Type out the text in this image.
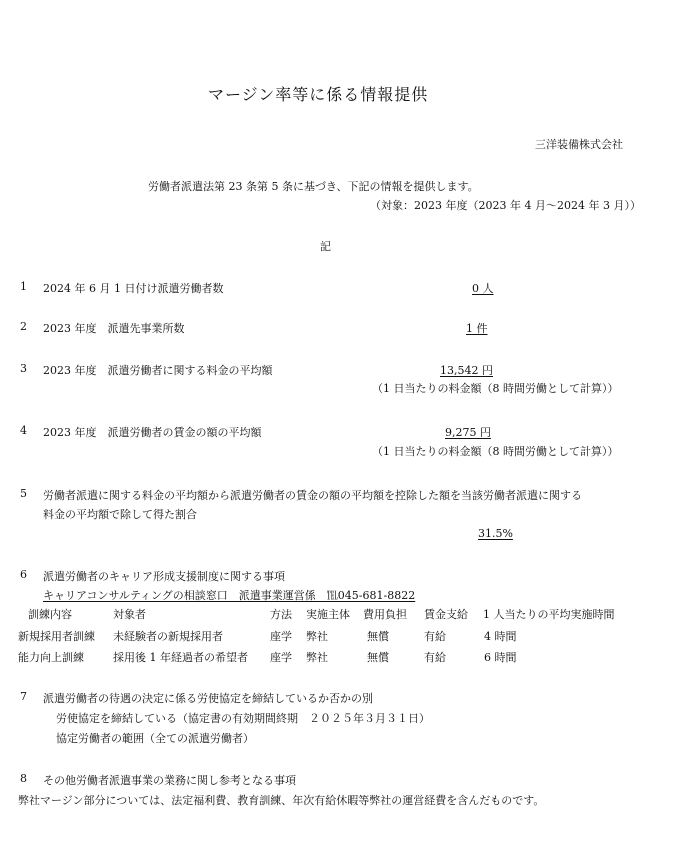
マージン率等に係る情報提供
三洋装備株式会社
労働者派遣法第 23 条第 5 条に基づき、下記の情報を提供します。
（対象：2023 年度（2023 年 4 月～2024 年 3 月））
記
1 2024 年 6 月 1 日付け派遣労働者数	0 人
2 2023 年度　派遣先事業所数	1 件
3 2023 年度　派遣労働者に関する料金の平均額	13,542 円
（1 日当たりの料金額（8 時間労働として計算））
4 2023 年度　派遣労働者の賃金の額の平均額	9,275 円
（1 日当たりの料金額（8 時間労働として計算））
5 労働者派遣に関する料金の平均額から派遣労働者の賃金の額の平均額を控除した額を当該労働者派遣に関する
料金の平均額で除して得た割合
31.5%
6 派遣労働者のキャリア形成支援制度に関する事項
キャリアコンサルティングの相談窓口　派遣事業運営係　℡045-681-8822
訓練内容	対象者	方法 実施主体 費用負担 賃金支給 1 人当たりの平均実施時間
新規採用者訓練 未経験者の新規採用者	座学 弊社	無償	有給	4 時間
能力向上訓練	採用後 1 年経過者の希望者 座学 弊社	無償	有給	6 時間
7 派遣労働者の待遇の決定に係る労使協定を締結しているか否かの別
労使協定を締結している（協定書の有効期間終期　２０２５年３月３１日）
協定労働者の範囲（全ての派遣労働者）
8 その他労働者派遣事業の業務に関し参考となる事項
弊社マージン部分については、法定福利費、教育訓練、年次有給休暇等弊社の運営経費を含んだものです。
